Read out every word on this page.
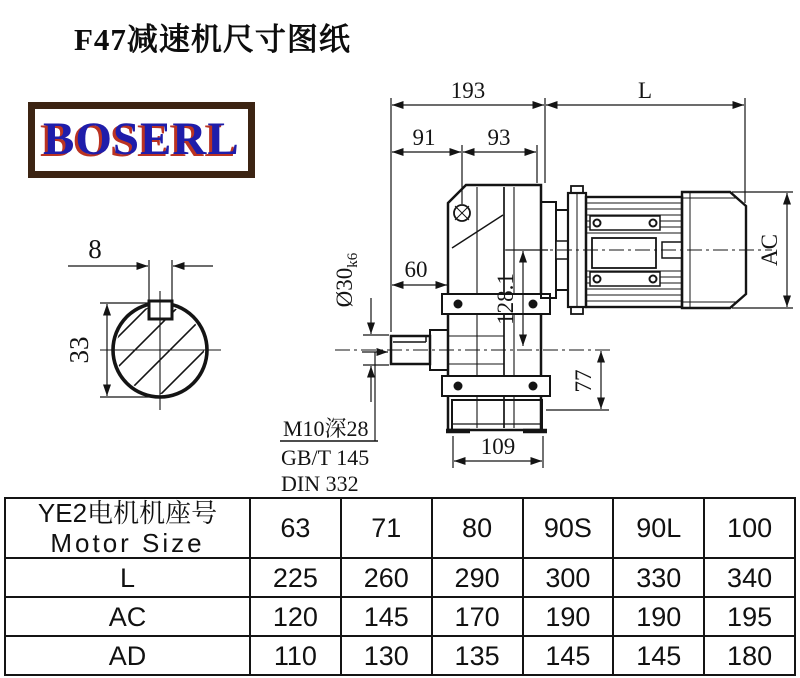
F47减速机尺寸图纸
BOSERL
8
33
193	L
91 93
60
$Ø30_{k6}$
128.1
AC
77
109
M10深28
GB/T 145
DIN 332
YE2电机机座号
Motor Size	63	71	80	90S	90L	100
L	225	260	290	300	330	340
AC	120	145	170	190	190	195
AD	110	130	135	145	145	180
